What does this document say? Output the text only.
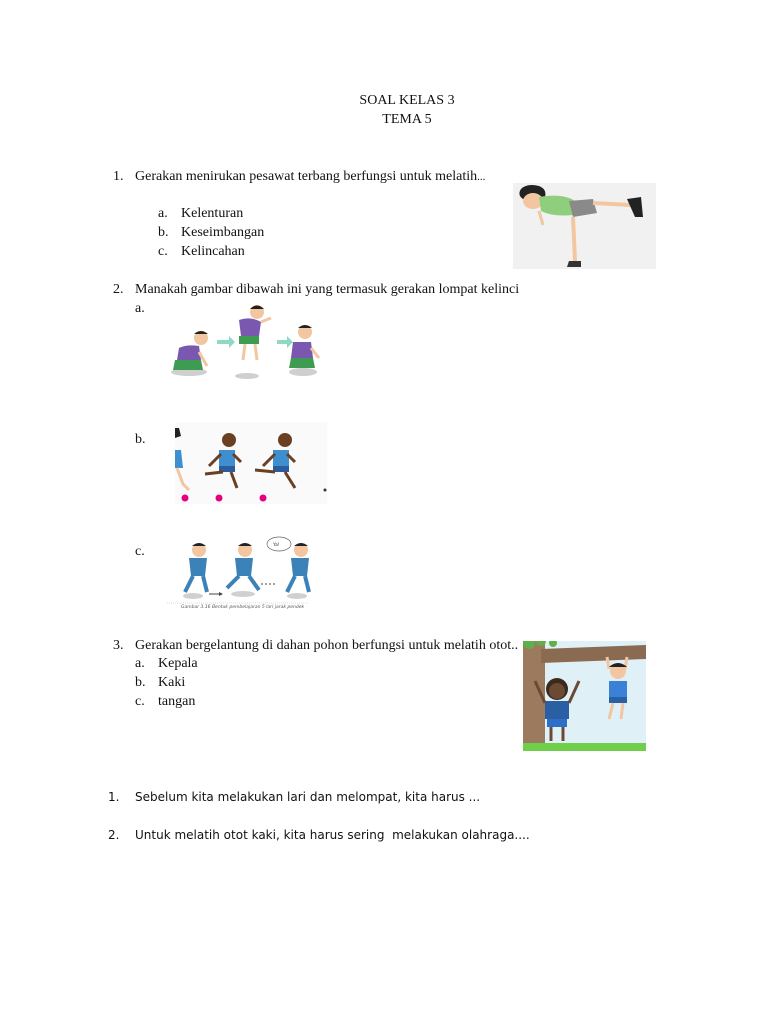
SOAL KELAS 3
TEMA 5
1. Gerakan menirukan pesawat terbang berfungsi untuk melatih...
a. Kelenturan
b. Keseimbangan
c. Kelincahan
2. Manakah gambar dibawah ini yang termasuk gerakan lompat kelinci
a.
b.
c.	Ya!
Gambar 3.16 Bentuk pembelajaran 5 lari jarak pendek
3. Gerakan bergelantung di dahan pohon berfungsi untuk melatih otot..
a. Kepala
b. Kaki
c. tangan
1. Sebelum kita melakukan lari dan melompat, kita harus ...
2. Untuk melatih otot kaki, kita harus sering  melakukan olahraga....
